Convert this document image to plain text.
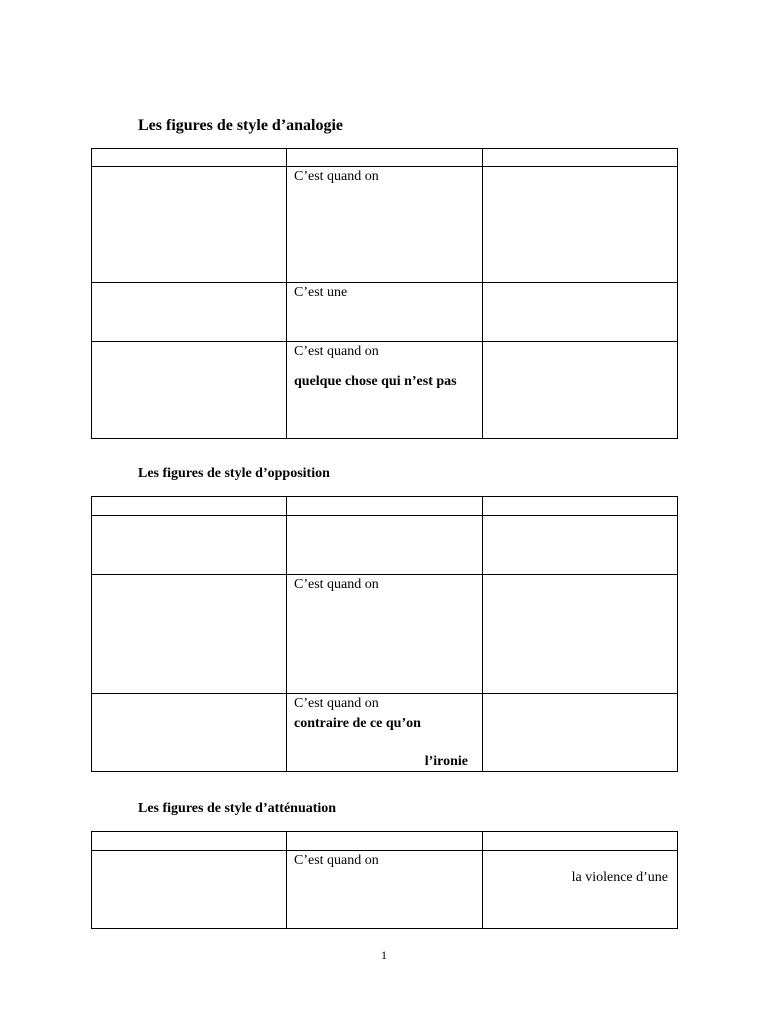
Les figures de style d’analogie

	C’est quand on	

	C’est une	

	C’est quand on
quelque chose qui n’est pas	

Les figures de style d’opposition

	C’est quand on	

	C’est quand on
contraire de ce qu’on
l’ironie	

Les figures de style d’atténuation

	C’est quand on	la violence d’une
1
